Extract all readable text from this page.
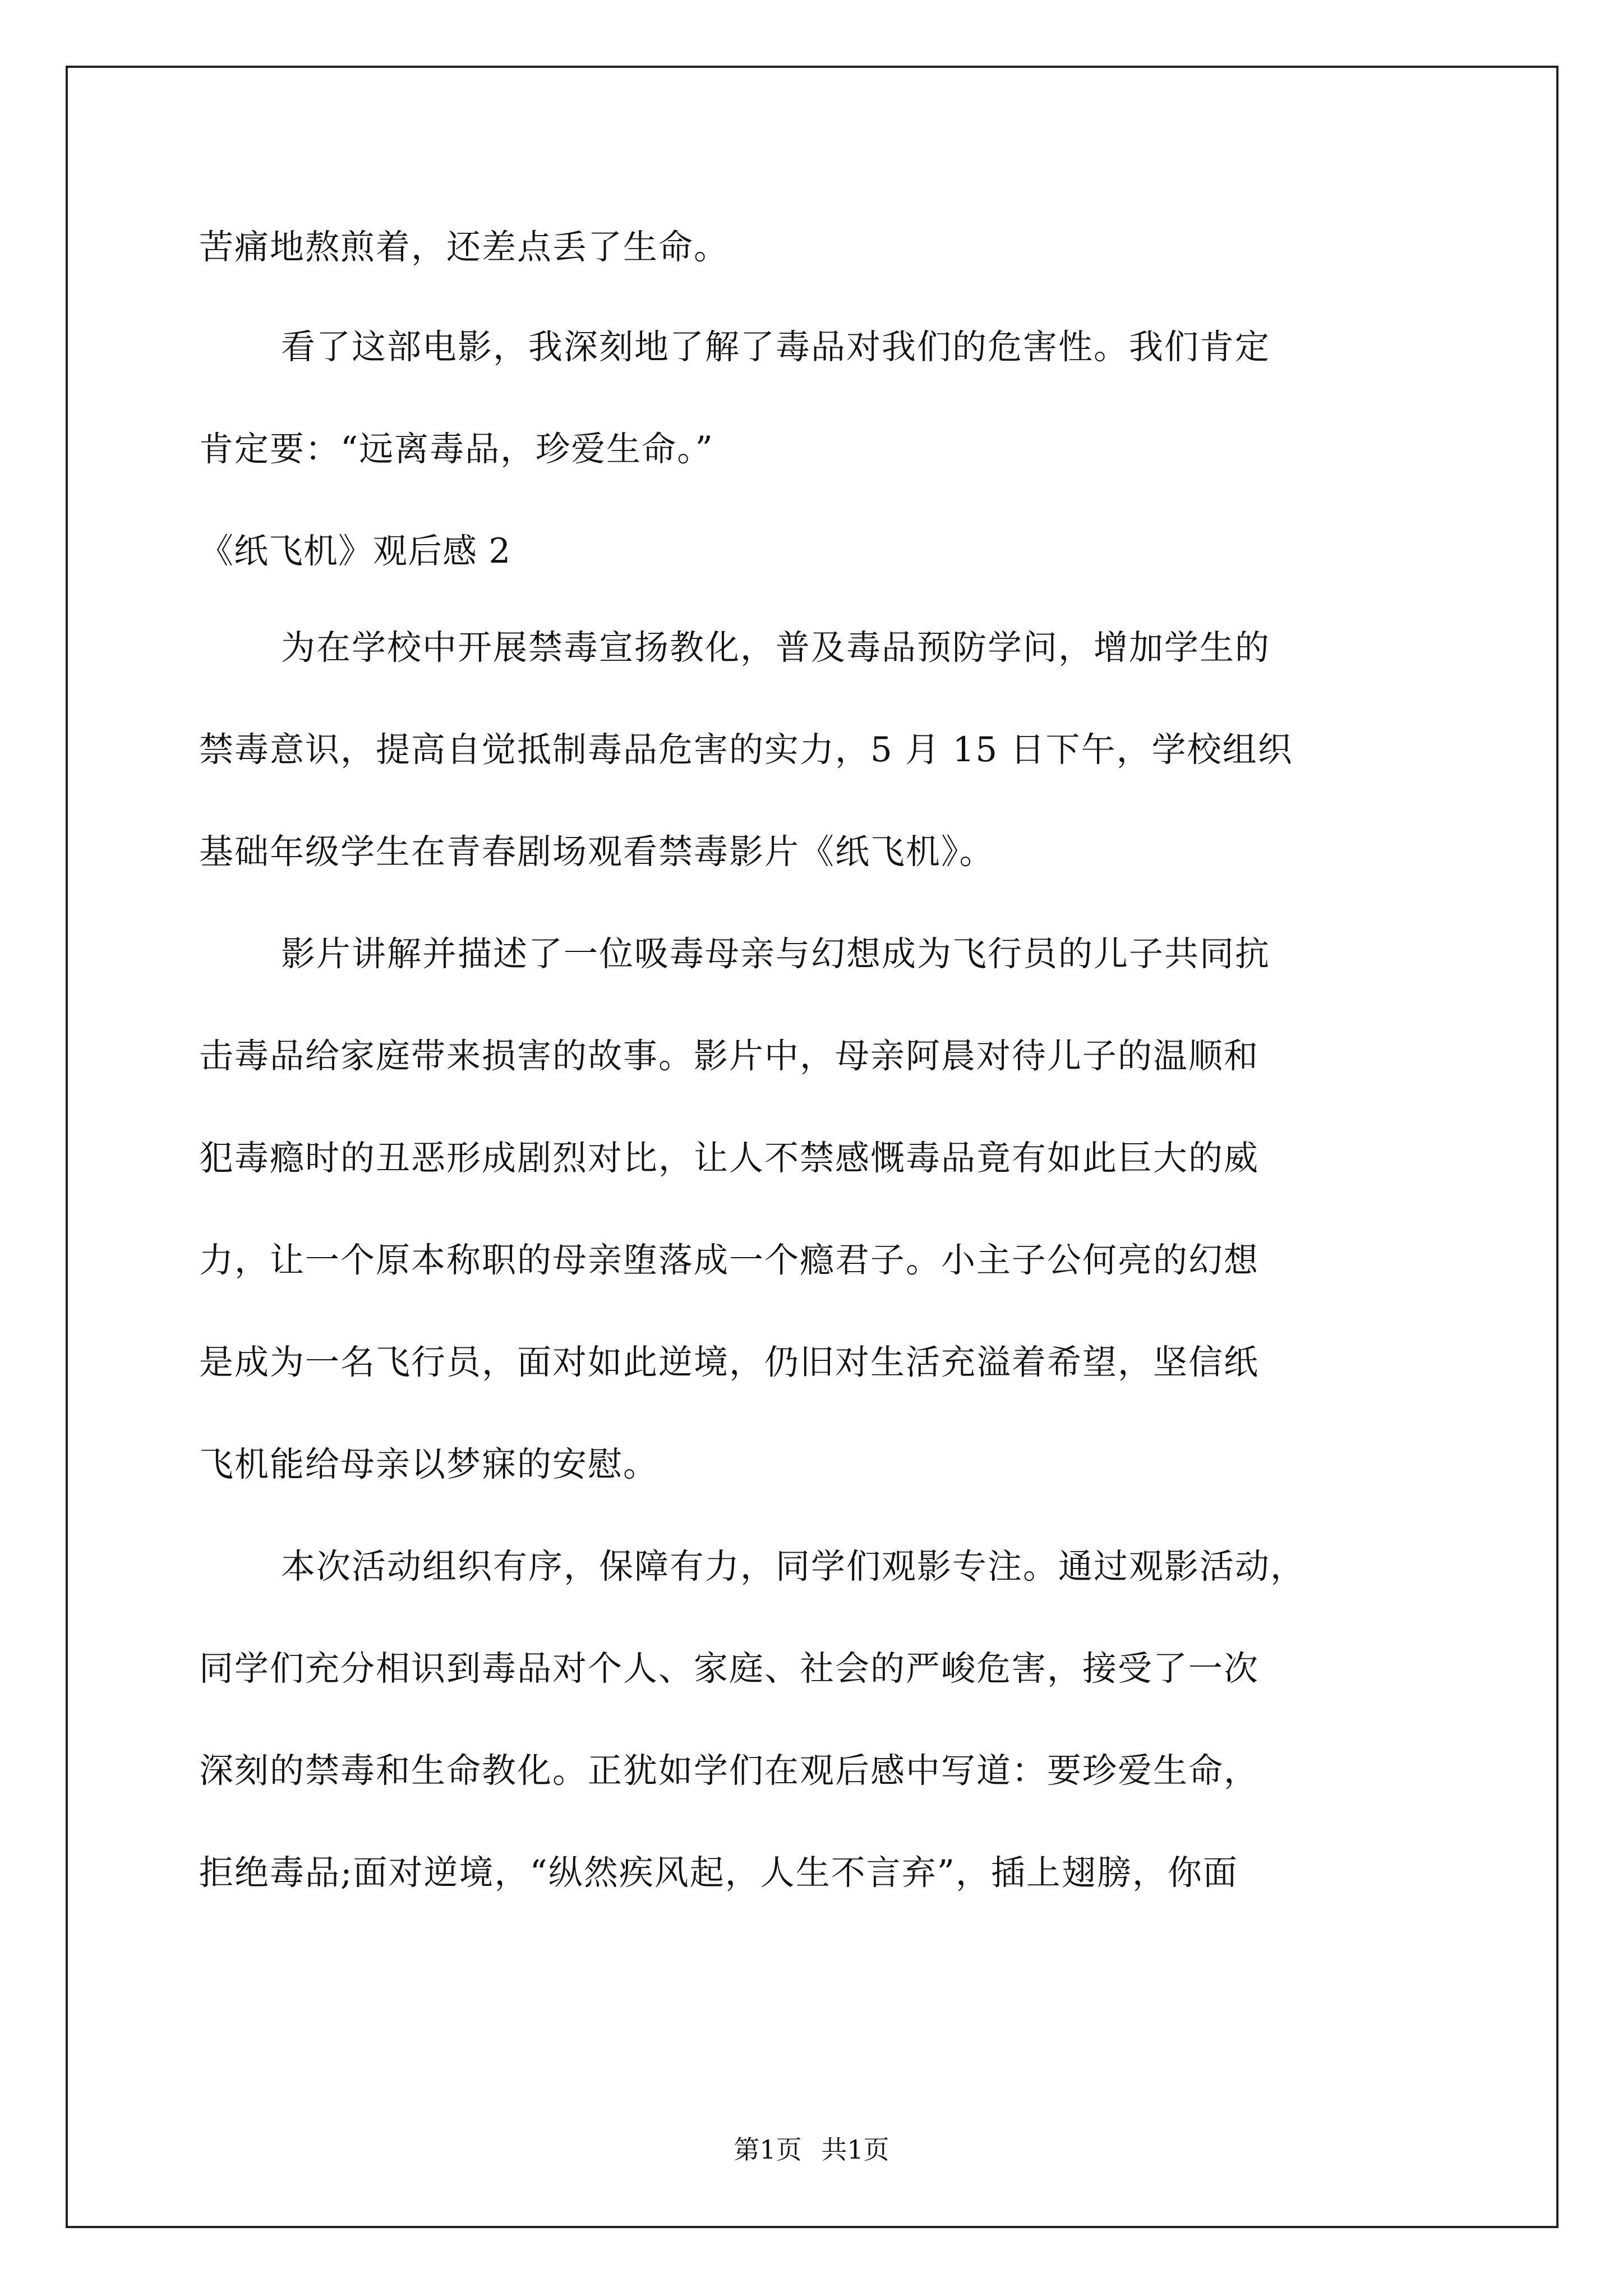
苦痛地熬煎着，还差点丢了生命。
看了这部电影，我深刻地了解了毒品对我们的危害性。我们肯定
肯定要：“远离毒品，珍爱生命。”
《纸飞机》观后感 2
为在学校中开展禁毒宣扬教化，普及毒品预防学问，增加学生的
禁毒意识，提高自觉抵制毒品危害的实力，5 月 15 日下午，学校组织
基础年级学生在青春剧场观看禁毒影片《纸飞机》。
影片讲解并描述了一位吸毒母亲与幻想成为飞行员的儿子共同抗
击毒品给家庭带来损害的故事。影片中，母亲阿晨对待儿子的温顺和
犯毒瘾时的丑恶形成剧烈对比，让人不禁感慨毒品竟有如此巨大的威
力，让一个原本称职的母亲堕落成一个瘾君子。小主子公何亮的幻想
是成为一名飞行员，面对如此逆境，仍旧对生活充溢着希望，坚信纸
飞机能给母亲以梦寐的安慰。
本次活动组织有序，保障有力，同学们观影专注。通过观影活动，
同学们充分相识到毒品对个人、家庭、社会的严峻危害，接受了一次
深刻的禁毒和生命教化。正犹如学们在观后感中写道：要珍爱生命，
拒绝毒品;面对逆境，“纵然疾风起，人生不言弃”，插上翅膀，你面
第1页 共1页
